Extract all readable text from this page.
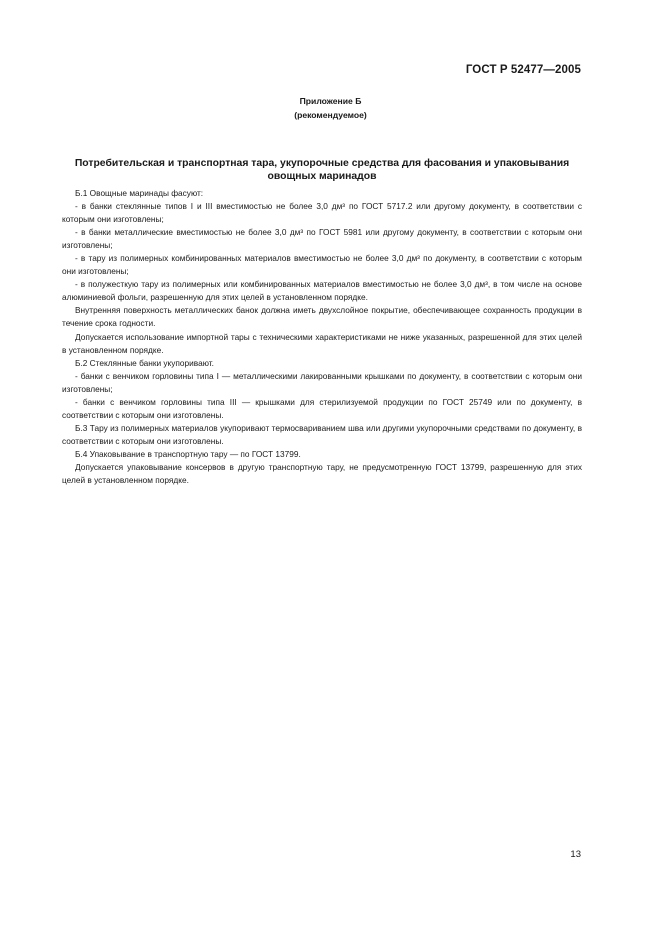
ГОСТ Р 52477—2005
Приложение Б
(рекомендуемое)
Потребительская и транспортная тара, укупорочные средства для фасования и упаковывания овощных маринадов

Б.1 Овощные маринады фасуют:

- в банки стеклянные типов I и III вместимостью не более 3,0 дм³ по ГОСТ 5717.2 или другому документу, в соответствии с которым они изготовлены;

- в банки металлические вместимостью не более 3,0 дм³ по ГОСТ 5981 или другому документу, в соответствии с которым они изготовлены;

- в тару из полимерных комбинированных материалов вместимостью не более 3,0 дм³ по документу, в соответствии с которым они изготовлены;

- в полужесткую тару из полимерных или комбинированных материалов вместимостью не более 3,0 дм³, в том числе на основе алюминиевой фольги, разрешенную для этих целей в установленном порядке.

Внутренняя поверхность металлических банок должна иметь двухслойное покрытие, обеспечивающее сохранность продукции в течение срока годности.

Допускается использование импортной тары с техническими характеристиками не ниже указанных, разрешенной для этих целей в установленном порядке.

Б.2 Стеклянные банки укупоривают.

- банки с венчиком горловины типа I — металлическими лакированными крышками по документу, в соответствии с которым они изготовлены;

- банки с венчиком горловины типа III — крышками для стерилизуемой продукции по ГОСТ 25749 или по документу, в соответствии с которым они изготовлены.

Б.3 Тару из полимерных материалов укупоривают термосвариванием шва или другими укупорочными средствами по документу, в соответствии с которым они изготовлены.

Б.4 Упаковывание в транспортную тару — по ГОСТ 13799.

Допускается упаковывание консервов в другую транспортную тару, не предусмотренную ГОСТ 13799, разрешенную для этих целей в установленном порядке.

13
